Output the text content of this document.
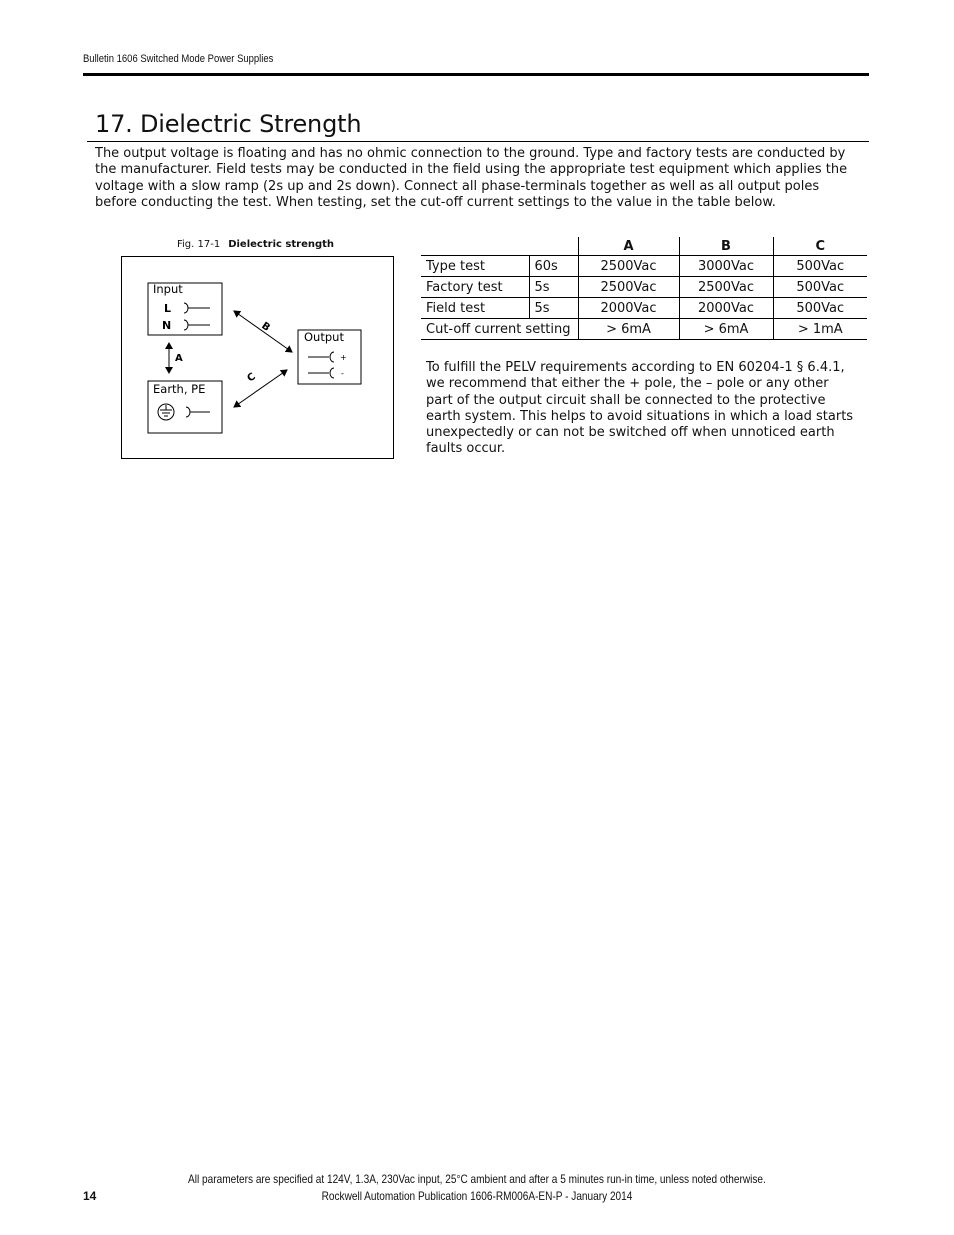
Bulletin 1606 Switched Mode Power Supplies
17. Dielectric Strength

The output voltage is floating and has no ohmic connection to the ground. Type and factory tests are conducted by the manufacturer. Field tests may be conducted in the field using the appropriate test equipment which applies the voltage with a slow ramp (2s up and 2s down). Connect all phase-terminals together as well as all output poles before conducting the test. When testing, set the cut-off current settings to the value in the table below.

Fig. 17-1 Dielectric strength
Input
L
N
Earth, PE
Output
+
-
A
B
C
		A	B	C
Type test	60s	2500Vac	3000Vac	500Vac
Factory test	5s	2500Vac	2500Vac	500Vac
Field test	5s	2000Vac	2000Vac	500Vac
Cut-off current setting		> 6mA	> 6mA	> 1mA

To fulfill the PELV requirements according to EN 60204-1 § 6.4.1, we recommend that either the + pole, the – pole or any other part of the output circuit shall be connected to the protective earth system. This helps to avoid situations in which a load starts unexpectedly or can not be switched off when unnoticed earth faults occur.

All parameters are specified at 124V, 1.3A, 230Vac input, 25°C ambient and after a 5 minutes run-in time, unless noted otherwise.
14	Rockwell Automation Publication 1606-RM006A-EN-P - January 2014
